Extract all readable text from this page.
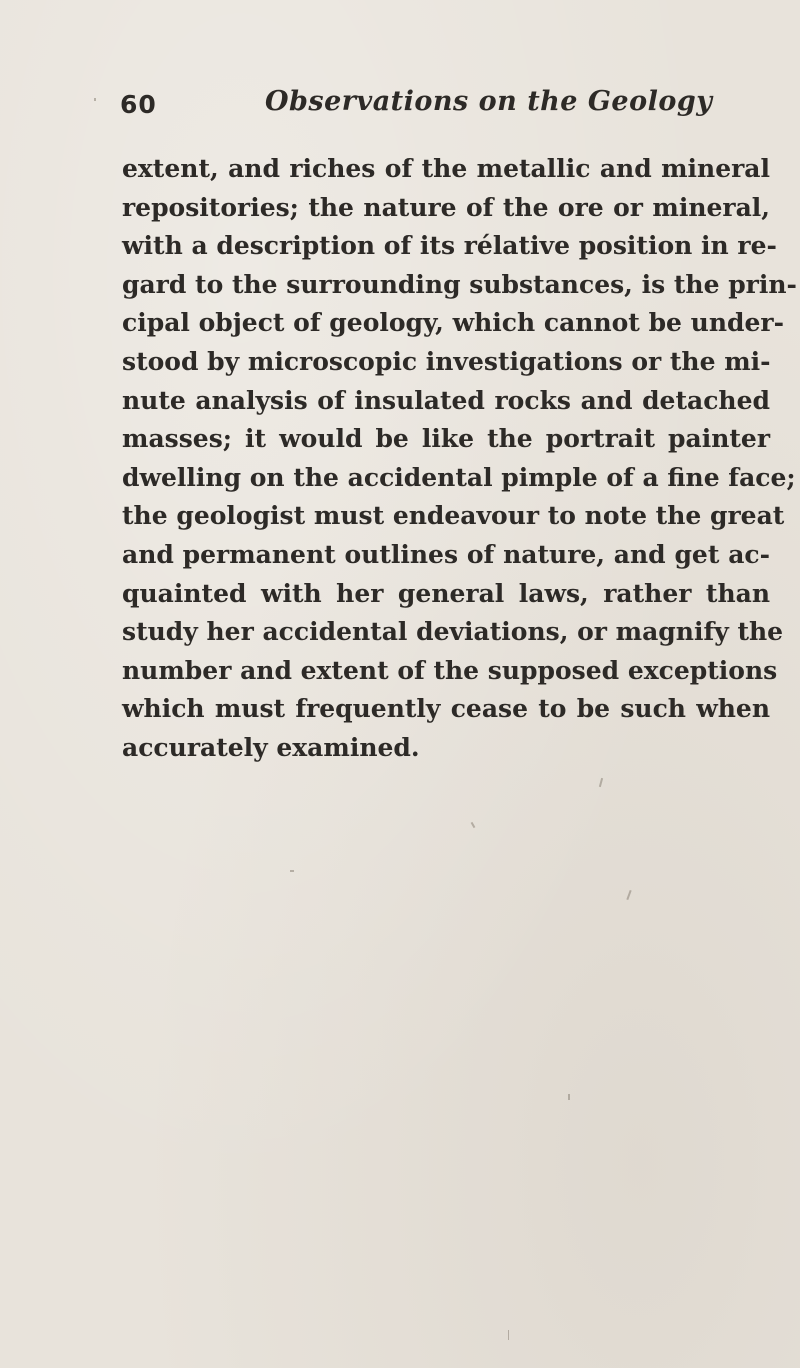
60	Observations on the Geology
extent, and riches of the metallic and mineral
repositories; the nature of the ore or mineral,
with a description of its rélative position in re-
gard to the surrounding substances, is the prin-
cipal object of geology, which cannot be under-
stood by microscopic investigations or the mi-
nute analysis of insulated rocks and detached
masses; it would be like the portrait painter
dwelling on the accidental pimple of a fine face;
the geologist must endeavour to note the great
and permanent outlines of nature, and get ac-
quainted with her general laws, rather than
study her accidental deviations, or magnify the
number and extent of the supposed exceptions
which must frequently cease to be such when
accurately examined.
